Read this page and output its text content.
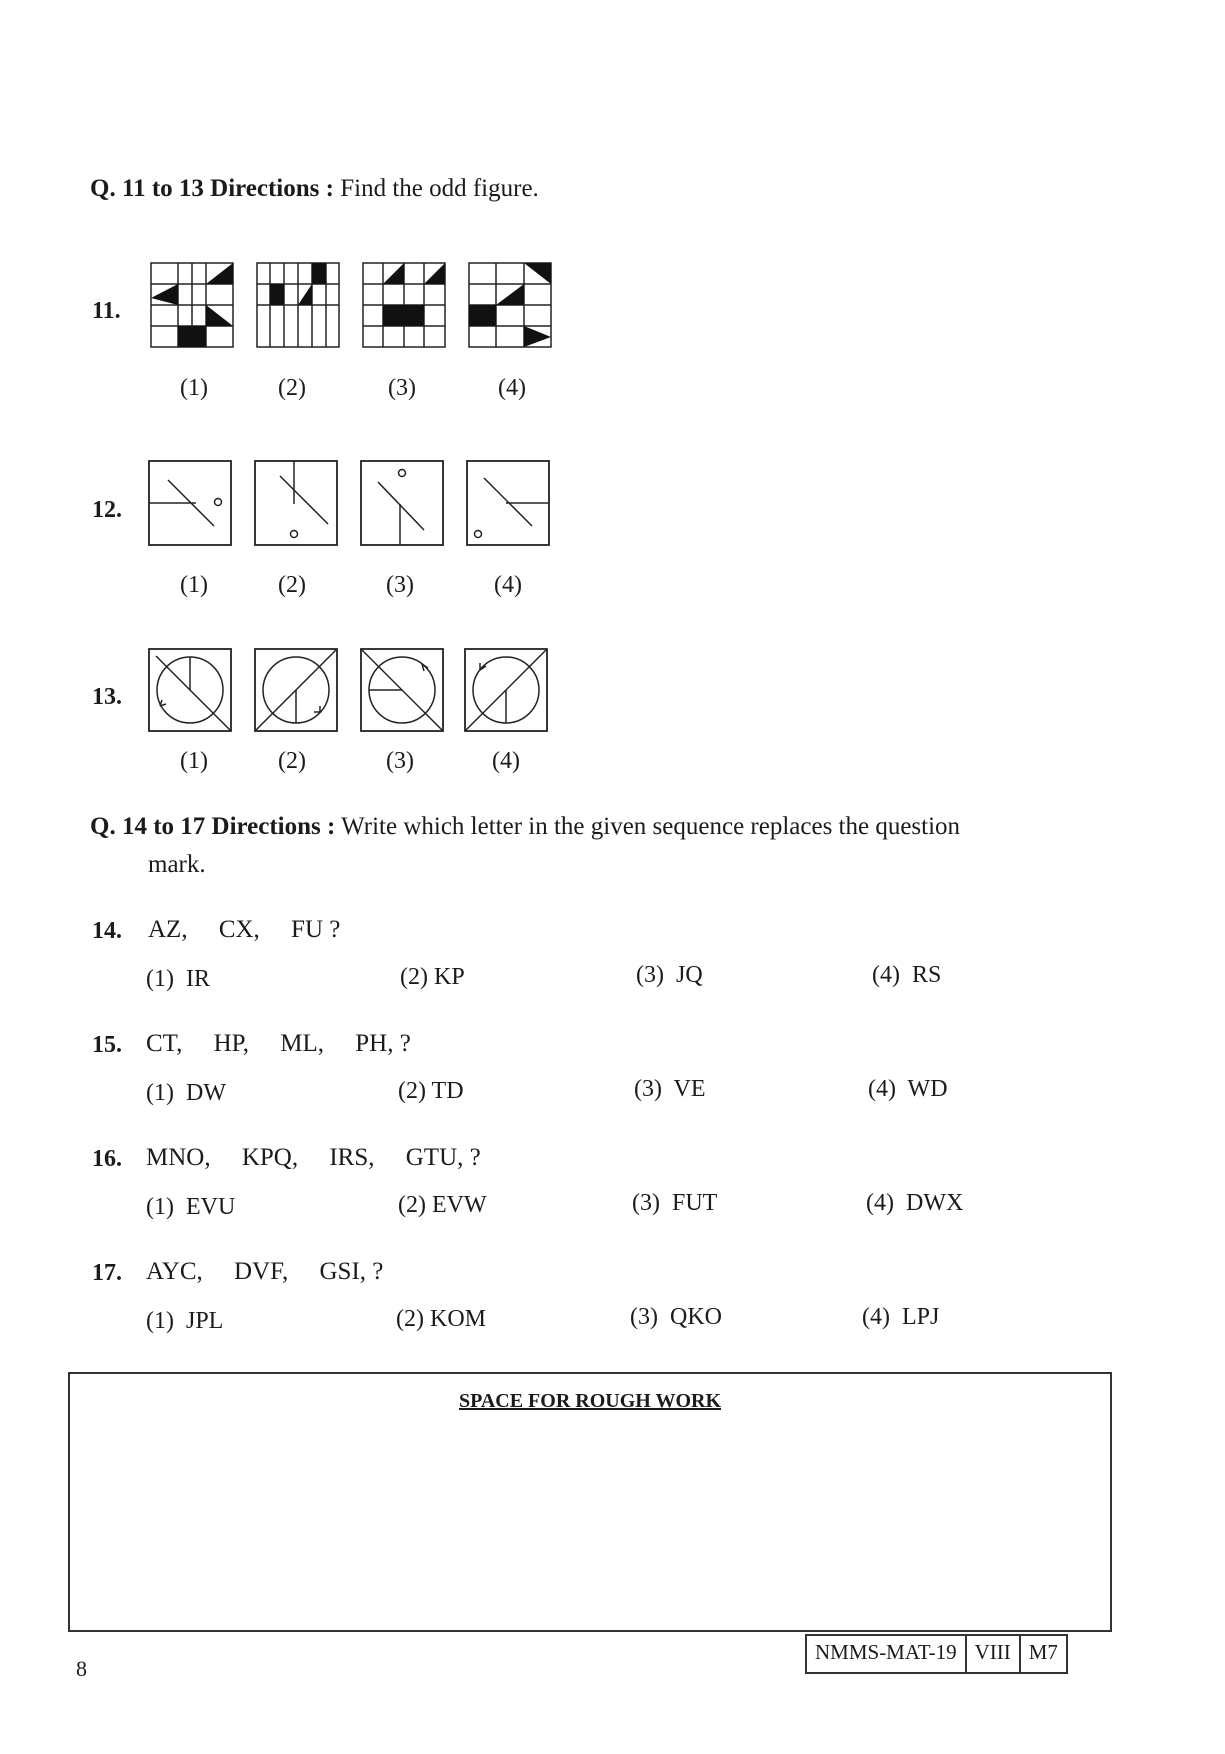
Q. 11 to 13 Directions : Find the odd figure.
11.
(1)	(2)	(3)	(4)
12.
(1)	(2)	(3)	(4)
13.
(1)	(2)	(3)	(4)
Q. 14 to 17 Directions : Write which letter in the given sequence replaces the question
mark.
14. AZ,     CX,     FU ?
(1)  IR	(2) KP	(3)  JQ	(4)  RS
15. CT,     HP,     ML,     PH, ?
(1)  DW	(2) TD	(3)  VE	(4)  WD
16. MNO,     KPQ,     IRS,     GTU, ?
(1)  EVU	(2) EVW	(3)  FUT	(4)  DWX
17. AYC,     DVF,     GSI, ?
(1)  JPL	(2) KOM	(3)  QKO	(4)  LPJ
SPACE FOR ROUGH WORK
8
NMMS-MAT-19 VIII M7
